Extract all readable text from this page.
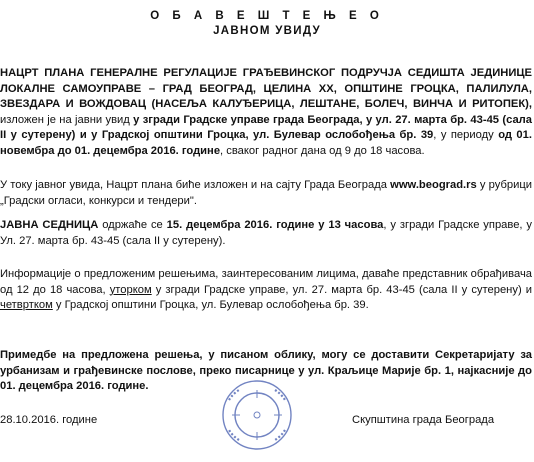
О Б А В Е Ш Т Е Њ Е О
ЈАВНОМ УВИДУ

НАЦРТ ПЛАНА ГЕНЕРАЛНЕ РЕГУЛАЦИЈЕ ГРАЂЕВИНСКОГ ПОДРУЧЈА СЕДИШТА ЈЕДИНИЦЕ ЛОКАЛНЕ САМОУПРАВЕ – ГРАД БЕОГРАД, ЦЕЛИНА XX, ОПШТИНЕ ГРОЦКА, ПАЛИЛУЛА, ЗВЕЗДАРА И ВОЖДОВАЦ (НАСЕЉА КАЛУЂЕРИЦА, ЛЕШТАНЕ, БОЛЕЧ, ВИНЧА И РИТОПЕК), изложен је на јавни увид у згради Градске управе града Београда, у ул. 27. марта бр. 43-45 (сала II у сутерену) и у Градској општини Гроцка, ул. Булевар ослобођења бр. 39, у периоду од 01. новембра до 01. децембра 2016. године, сваког радног дана од 9 до 18 часова.

У току јавног увида, Нацрт плана биће изложен и на сајту Града Београда www.beograd.rs у рубрици „Градски огласи, конкурси и тендери".

ЈАВНА СЕДНИЦА одржаће се 15. децембра 2016. године у 13 часова, у згради Градске управе, у Ул. 27. марта бр. 43-45 (сала II у сутерену).

Информације о предложеним решењима, заинтересованим лицима, даваће представник обрађивача од 12 до 18 часова, уторком у згради Градске управе, ул. 27. марта бр. 43-45 (сала II у сутерену) и четвртком у Градској општини Гроцка, ул. Булевар ослобођења бр. 39.

Примедбе на предложена решења, у писаном облику, могу се доставити Секретаријату за урбанизам и грађевинске послове, преко писарнице у ул. Краљице Марије бр. 1, најкасније до 01. децембра 2016. године.

28.10.2016. године	Скупштина града Београда
